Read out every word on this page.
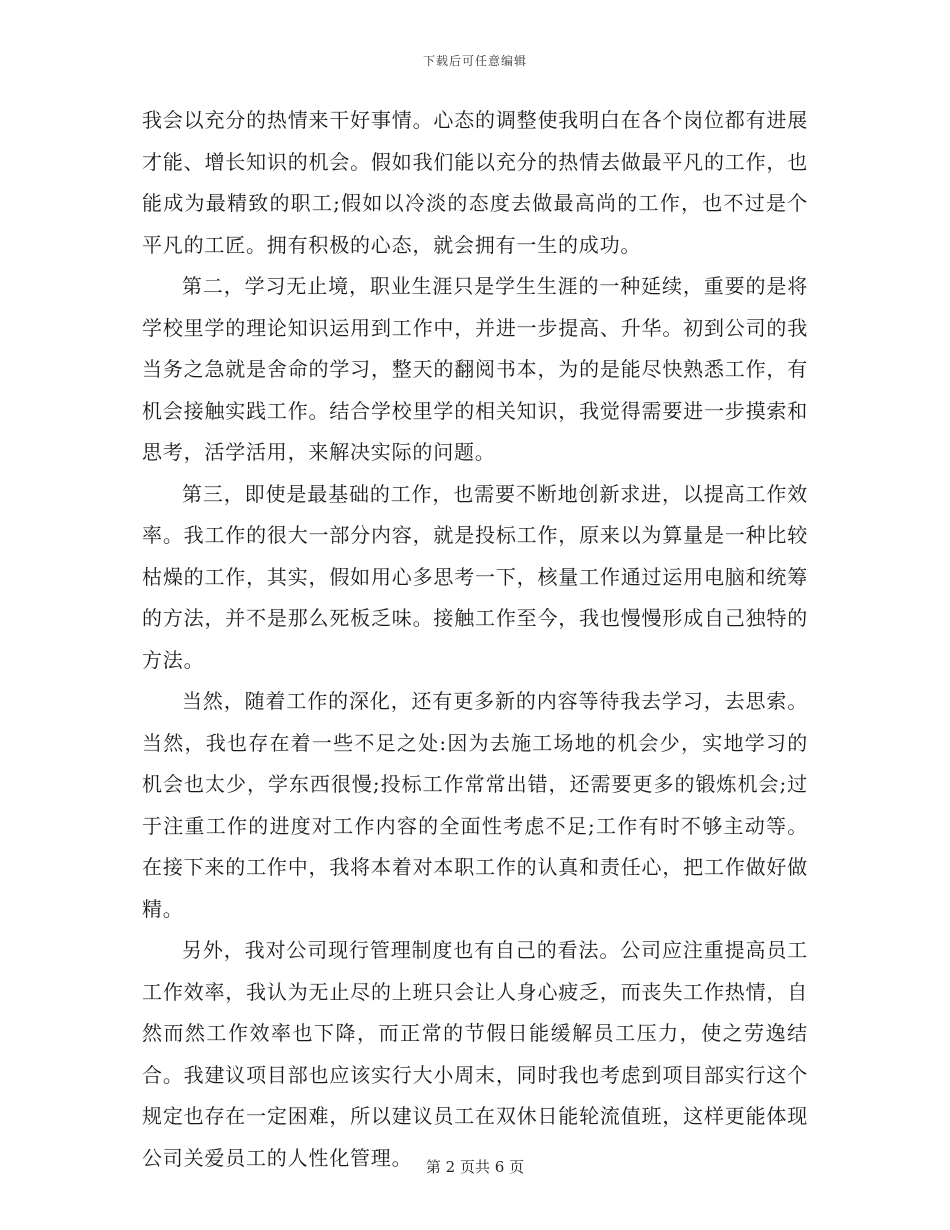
下载后可任意编辑

我会以充分的热情来干好事情。心态的调整使我明白在各个岗位都有进展才能、增长知识的机会。假如我们能以充分的热情去做最平凡的工作，也能成为最精致的职工;假如以冷淡的态度去做最高尚的工作，也不过是个平凡的工匠。拥有积极的心态，就会拥有一生的成功。

第二，学习无止境，职业生涯只是学生生涯的一种延续，重要的是将学校里学的理论知识运用到工作中，并进一步提高、升华。初到公司的我当务之急就是舍命的学习，整天的翻阅书本，为的是能尽快熟悉工作，有机会接触实践工作。结合学校里学的相关知识，我觉得需要进一步摸索和思考，活学活用，来解决实际的问题。

第三，即使是最基础的工作，也需要不断地创新求进，以提高工作效率。我工作的很大一部分内容，就是投标工作，原来以为算量是一种比较枯燥的工作，其实，假如用心多思考一下，核量工作通过运用电脑和统筹的方法，并不是那么死板乏味。接触工作至今，我也慢慢形成自己独特的方法。

当然，随着工作的深化，还有更多新的内容等待我去学习，去思索。当然，我也存在着一些不足之处:因为去施工场地的机会少，实地学习的机会也太少，学东西很慢;投标工作常常出错，还需要更多的锻炼机会;过于注重工作的进度对工作内容的全面性考虑不足;工作有时不够主动等。在接下来的工作中，我将本着对本职工作的认真和责任心，把工作做好做精。

另外，我对公司现行管理制度也有自己的看法。公司应注重提高员工工作效率，我认为无止尽的上班只会让人身心疲乏，而丧失工作热情，自然而然工作效率也下降，而正常的节假日能缓解员工压力，使之劳逸结合。我建议项目部也应该实行大小周末，同时我也考虑到项目部实行这个规定也存在一定困难，所以建议员工在双休日能轮流值班，这样更能体现公司关爱员工的人性化管理。 第 2 页共 6 页
